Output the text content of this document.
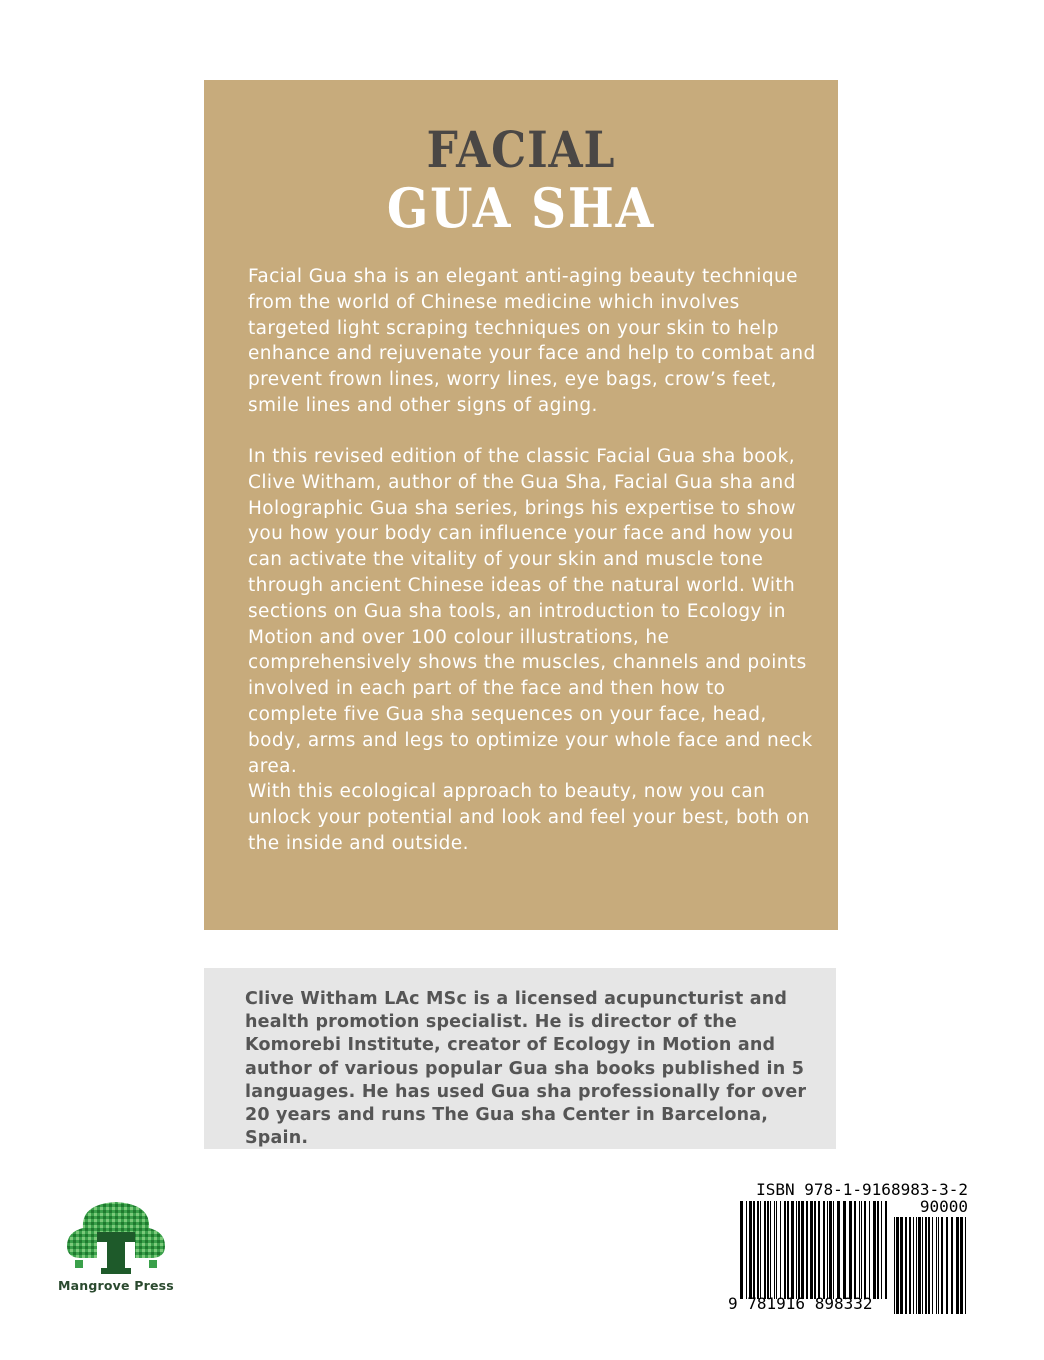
FACIAL
GUA SHA

Facial Gua sha is an elegant anti-aging beauty technique from the world of Chinese medicine which involves targeted light scraping techniques on your skin to help enhance and rejuvenate your face and help to combat and prevent frown lines, worry lines, eye bags, crow’s feet, smile lines and other signs of aging.

In this revised edition of the classic Facial Gua sha book, Clive Witham, author of the Gua Sha, Facial Gua sha and Holographic Gua sha series, brings his expertise to show you how your body can influence your face and how you can activate the vitality of your skin and muscle tone through ancient Chinese ideas of the natural world. With sections on Gua sha tools, an introduction to Ecology in Motion and over 100 colour illustrations, he comprehensively shows the muscles, channels and points involved in each part of the face and then how to complete five Gua sha sequences on your face, head, body, arms and legs to optimize your whole face and neck area.

With this ecological approach to beauty, now you can unlock your potential and look and feel your best, both on the inside and outside.

Clive Witham LAc MSc is a licensed acupuncturist and health promotion specialist. He is director of the Komorebi Institute, creator of Ecology in Motion and author of various popular Gua sha books published in 5 languages. He has used Gua sha professionally for over 20 years and runs The Gua sha Center in Barcelona, Spain.

Mangrove Press
ISBN 978-1-9168983-3-2
90000
9 781916 898332
